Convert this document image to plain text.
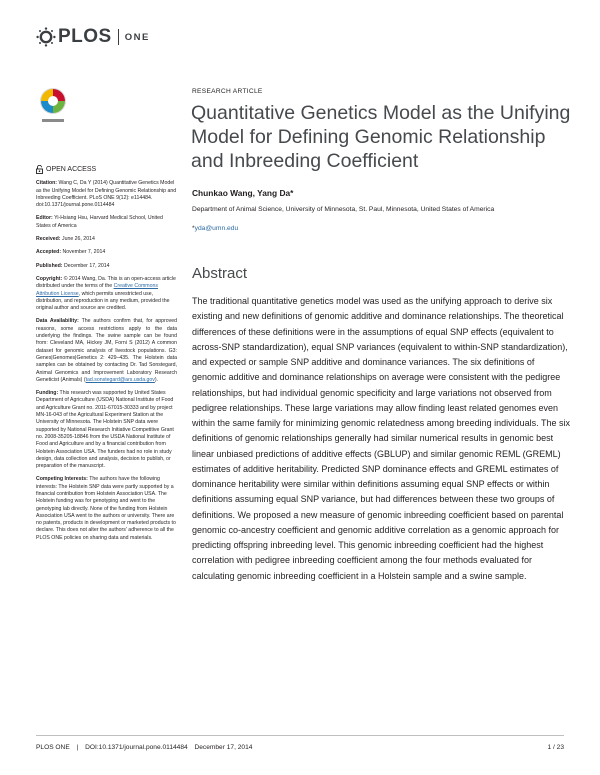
PLOS ONE
OPEN ACCESS
Citation: Wang C, Da Y (2014) Quantitative Genetics Model as the Unifying Model for Defining Genomic Relationship and Inbreeding Coefficient. PLoS ONE 9(12): e114484. doi:10.1371/journal.pone.0114484
Editor: Yi-Hsiang Hsu, Harvard Medical School, United States of America
Received: June 26, 2014
Accepted: November 7, 2014
Published: December 17, 2014
Copyright: © 2014 Wang, Da. This is an open-access article distributed under the terms of the Creative Commons Attribution License, which permits unrestricted use, distribution, and reproduction in any medium, provided the original author and source are credited.
Data Availability: The authors confirm that, for approved reasons, some access restrictions apply to the data underlying the findings. The swine sample can be found from: Cleveland MA, Hickey JM, Forni S (2012) A common dataset for genomic analysis of livestock populations. G3: Genes|Genomes|Genetics 2: 429–435. The Holstein data samples can be obtained by contacting Dr. Tad Sonstegard, Animal Genomics and Improvement Laboratory Research Geneticist (Animals) (tad.sonstegard@ars.usda.gov).
Funding: This research was supported by United States Department of Agriculture (USDA) National Institute of Food and Agriculture Grant no. 2011-67015-30333 and by project MN-16-043 of the Agricultural Experiment Station at the University of Minnesota. The Holstein SNP data were supported by National Research Initiative Competitive Grant no. 2008-35205-18846 from the USDA National Institute of Food and Agriculture and by a financial contribution from Holstein Association USA. The funders had no role in study design, data collection and analysis, decision to publish, or preparation of the manuscript.
Competing Interests: The authors have the following interests: The Holstein SNP data were partly supported by a financial contribution from Holstein Association USA. The Holstein funding was for genotyping and went to the genotyping lab directly. None of the funding from Holstein Association USA went to the authors or university. There are no patents, products in development or marketed products to declare. This does not alter the authors' adherence to all the PLOS ONE policies on sharing data and materials.
RESEARCH ARTICLE
Quantitative Genetics Model as the Unifying Model for Defining Genomic Relationship and Inbreeding Coefficient
Chunkao Wang, Yang Da*
Department of Animal Science, University of Minnesota, St. Paul, Minnesota, United States of America
*yda@umn.edu
Abstract

The traditional quantitative genetics model was used as the unifying approach to derive six existing and new definitions of genomic additive and dominance relationships. The theoretical differences of these definitions were in the assumptions of equal SNP effects (equivalent to across-SNP standardization), equal SNP variances (equivalent to within-SNP standardization), and expected or sample SNP additive and dominance variances. The six definitions of genomic additive and dominance relationships on average were consistent with the pedigree relationships, but had individual genomic specificity and large variations not observed from pedigree relationships. These large variations may allow finding least related genomes even within the same family for minimizing genomic relatedness among breeding individuals. The six definitions of genomic relationships generally had similar numerical results in genomic best linear unbiased predictions of additive effects (GBLUP) and similar genomic REML (GREML) estimates of additive heritability. Predicted SNP dominance effects and GREML estimates of dominance heritability were similar within definitions assuming equal SNP effects or within definitions assuming equal SNP variance, but had differences between these two groups of definitions. We proposed a new measure of genomic inbreeding coefficient based on parental genomic co-ancestry coefficient and genomic additive correlation as a genomic approach for predicting offspring inbreeding level. This genomic inbreeding coefficient had the highest correlation with pedigree inbreeding coefficient among the four methods evaluated for calculating genomic inbreeding coefficient in a Holstein sample and a swine sample.

PLOS ONE | DOI:10.1371/journal.pone.0114484 December 17, 2014	1 / 23
